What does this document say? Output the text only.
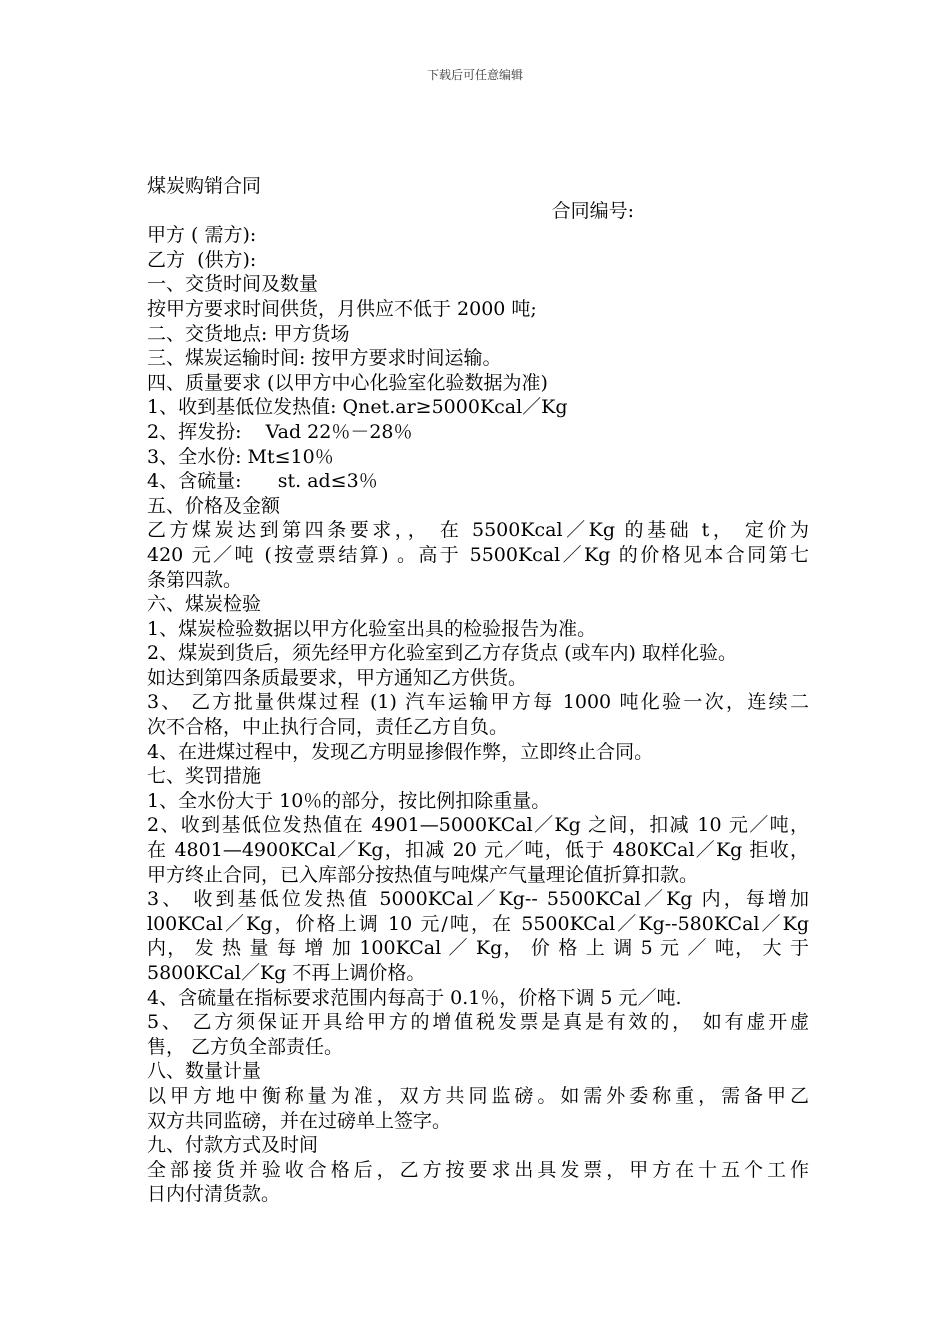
下载后可任意编辑
煤炭购销合同
合同编号:
甲方 ( 需方):
乙方  (供方):
一、交货时间及数量
按甲方要求时间供货，月供应不低于 2000 吨;
二、交货地点: 甲方货场
三、煤炭运输时间: 按甲方要求时间运输。
四、质量要求 (以甲方中心化验室化验数据为准)
1、收到基低位发热值: Qnet.ar≥5000Kcal／Kg
2、挥发扮:    Vad 22％－28％
3、全水份: Mt≤10％
4、含硫量:      st. ad≤3％
五、价格及金额
乙方煤炭达到第四条要求，， 在 5500Kcal／Kg 的基础 t， 定价为
420 元／吨 (按壹票结算) 。高于 5500Kcal／Kg 的价格见本合同第七
条第四款。
六、煤炭检验
1、煤炭检验数据以甲方化验室出具的检验报告为准。
2、煤炭到货后，须先经甲方化验室到乙方存货点 (或车内) 取样化验。
如达到第四条质最要求，甲方通知乙方供货。
3、 乙方批量供煤过程 (1) 汽车运输甲方每 1000 吨化验一次，连续二
次不合格，中止执行合同，责任乙方自负。
4、在进煤过程中，发现乙方明显掺假作弊，立即终止合同。
七、奖罚措施
1、全水份大于 10％的部分，按比例扣除重量。
2、收到基低位发热值在 4901—5000KCal／Kg 之间，扣减 10 元／吨，
在 4801—4900KCal／Kg，扣减 20 元／吨，低于 480KCal／Kg 拒收，
甲方终止合同，已入库部分按热值与吨煤产气量理论值折算扣款。
3、 收到基低位发热值 5000KCal／Kg-- 5500KCal／Kg 内，每增加
l00KCal／Kg，价格上调 10 元/吨，在 5500KCal／Kg--580KCal／Kg
内， 发 热 量 每 增 加 100KCal ／ Kg， 价 格 上 调 5 元 ／ 吨， 大 于
5800KCal／Kg 不再上调价格。
4、含硫量在指标要求范围内每高于 0.1％，价格下调 5 元／吨.
5、 乙方须保证开具给甲方的增值税发票是真是有效的， 如有虚开虚
售， 乙方负全部责任。
八、数量计量
以甲方地中衡称量为准，双方共同监磅。如需外委称重，需备甲乙
双方共同监磅，并在过磅单上签字。
九、付款方式及时间
全部接货并验收合格后，乙方按要求出具发票，甲方在十五个工作
日内付清货款。
